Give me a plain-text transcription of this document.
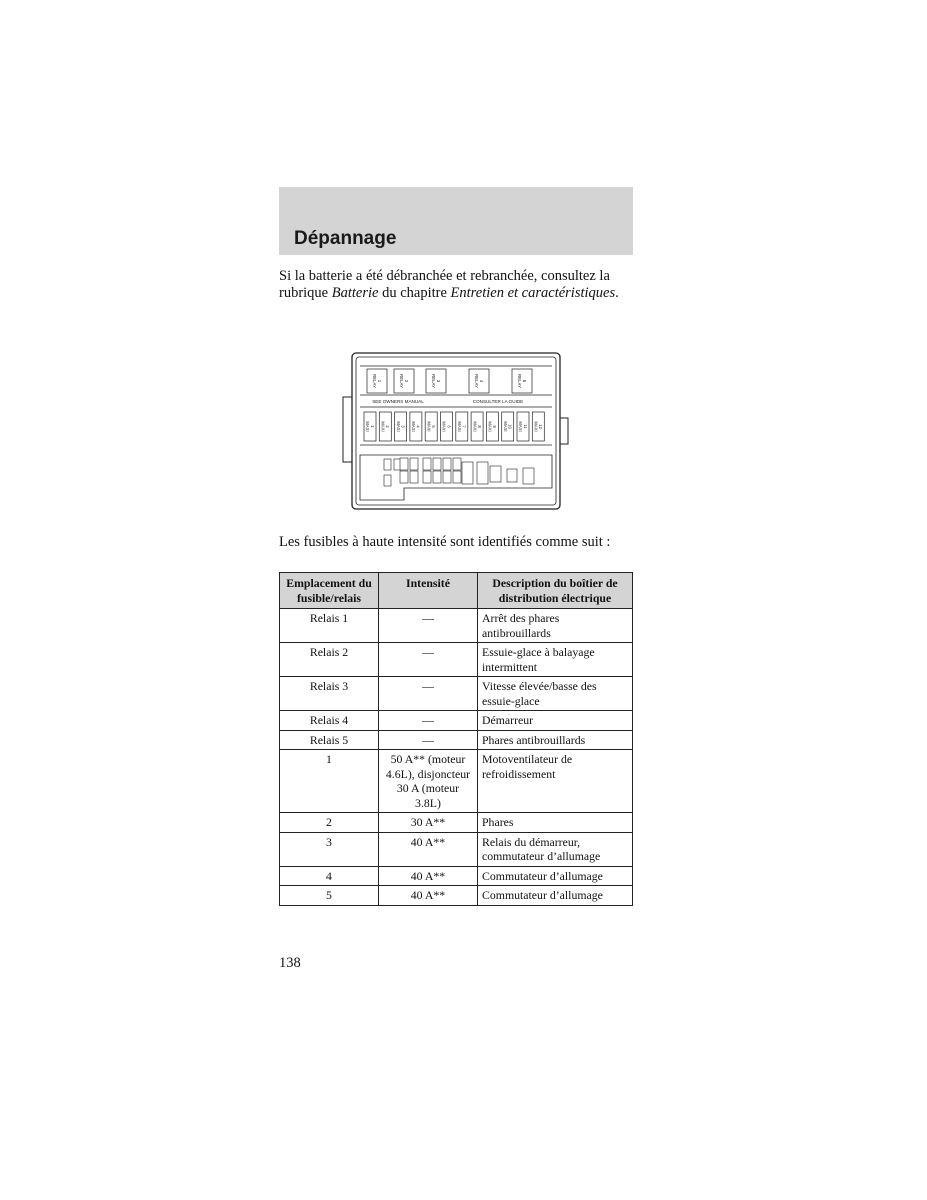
Dépannage

Si la batterie a été débranchée et rebranchée, consultez la rubrique Batterie du chapitre Entretien et caractéristiques.

1RELAY	2RELAY	3RELAY	4RELAY	5RELAY
SEE OWNERS MANUAL	CONSULTER LA GUIDE
1MAXI	2MAXI	3MAXI	4MAXI	5MAXI	6MAXI	7MAXI	8MAXI	9MAXI	10MAXI	11MAXI	12MAXI

Les fusibles à haute intensité sont identifiés comme suit :

Emplacement du fusible/relais	Intensité	Description du boîtier de distribution électrique
Relais 1	—	Arrêt des phares antibrouillards
Relais 2	—	Essuie-glace à balayage intermittent
Relais 3	—	Vitesse élevée/basse des essuie-glace
Relais 4	—	Démarreur
Relais 5	—	Phares antibrouillards
1	50 A** (moteur 4.6L), disjoncteur 30 A (moteur 3.8L)	Motoventilateur de refroidissement
2	30 A**	Phares
3	40 A**	Relais du démarreur, commutateur d’allumage
4	40 A**	Commutateur d’allumage
5	40 A**	Commutateur d’allumage

138
